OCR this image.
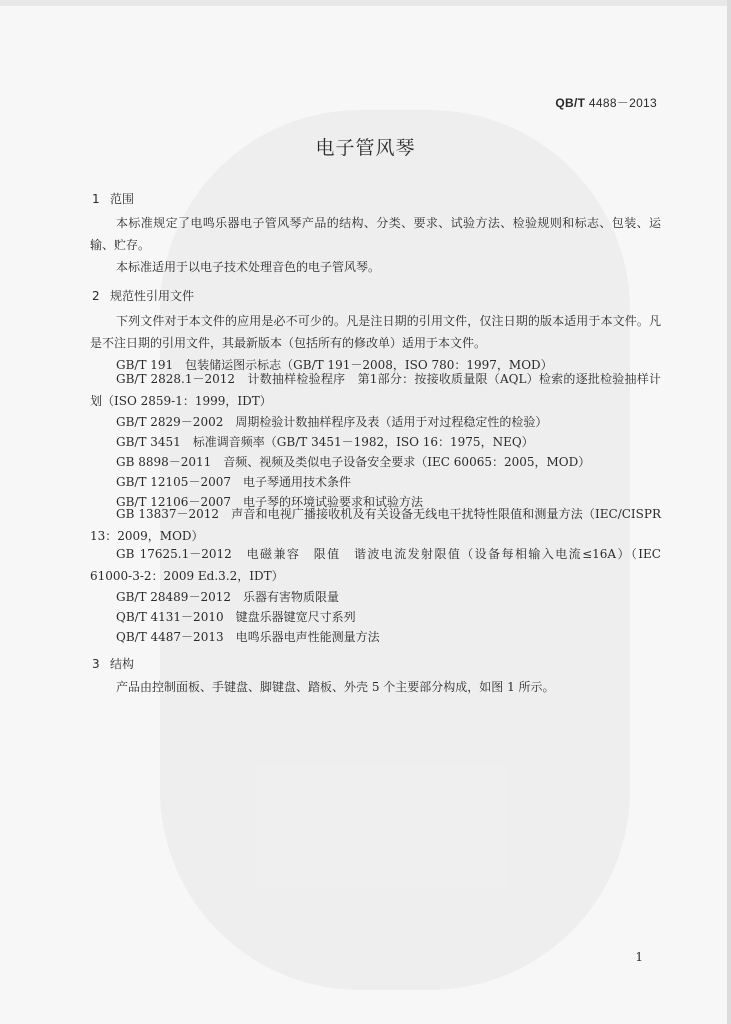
QB/T 4488－2013
电子管风琴
1 范围
本标准规定了电鸣乐器电子管风琴产品的结构、分类、要求、试验方法、检验规则和标志、包装、运输、贮存。
本标准适用于以电子技术处理音色的电子管风琴。
2 规范性引用文件
下列文件对于本文件的应用是必不可少的。凡是注日期的引用文件，仅注日期的版本适用于本文件。凡是不注日期的引用文件，其最新版本（包括所有的修改单）适用于本文件。
GB/T 191　包装储运图示标志（GB/T 191－2008，ISO 780：1997，MOD）
GB/T 2828.1－2012　计数抽样检验程序　第1部分：按接收质量限（AQL）检索的逐批检验抽样计划（ISO 2859-1：1999，IDT）
GB/T 2829－2002　周期检验计数抽样程序及表（适用于对过程稳定性的检验）
GB/T 3451　标准调音频率（GB/T 3451－1982，ISO 16：1975，NEQ）
GB 8898－2011　音频、视频及类似电子设备安全要求（IEC 60065：2005，MOD）
GB/T 12105－2007　电子琴通用技术条件
GB/T 12106－2007　电子琴的环境试验要求和试验方法
GB 13837－2012　声音和电视广播接收机及有关设备无线电干扰特性限值和测量方法（IEC/CISPR 13：2009，MOD）
GB 17625.1－2012　电磁兼容　限值　谐波电流发射限值（设备每相输入电流≤16A）（IEC 61000-3-2：2009 Ed.3.2，IDT）
GB/T 28489－2012　乐器有害物质限量
QB/T 4131－2010　键盘乐器键宽尺寸系列
QB/T 4487－2013　电鸣乐器电声性能测量方法
3 结构
产品由控制面板、手键盘、脚键盘、踏板、外壳 5 个主要部分构成，如图 1 所示。
1
